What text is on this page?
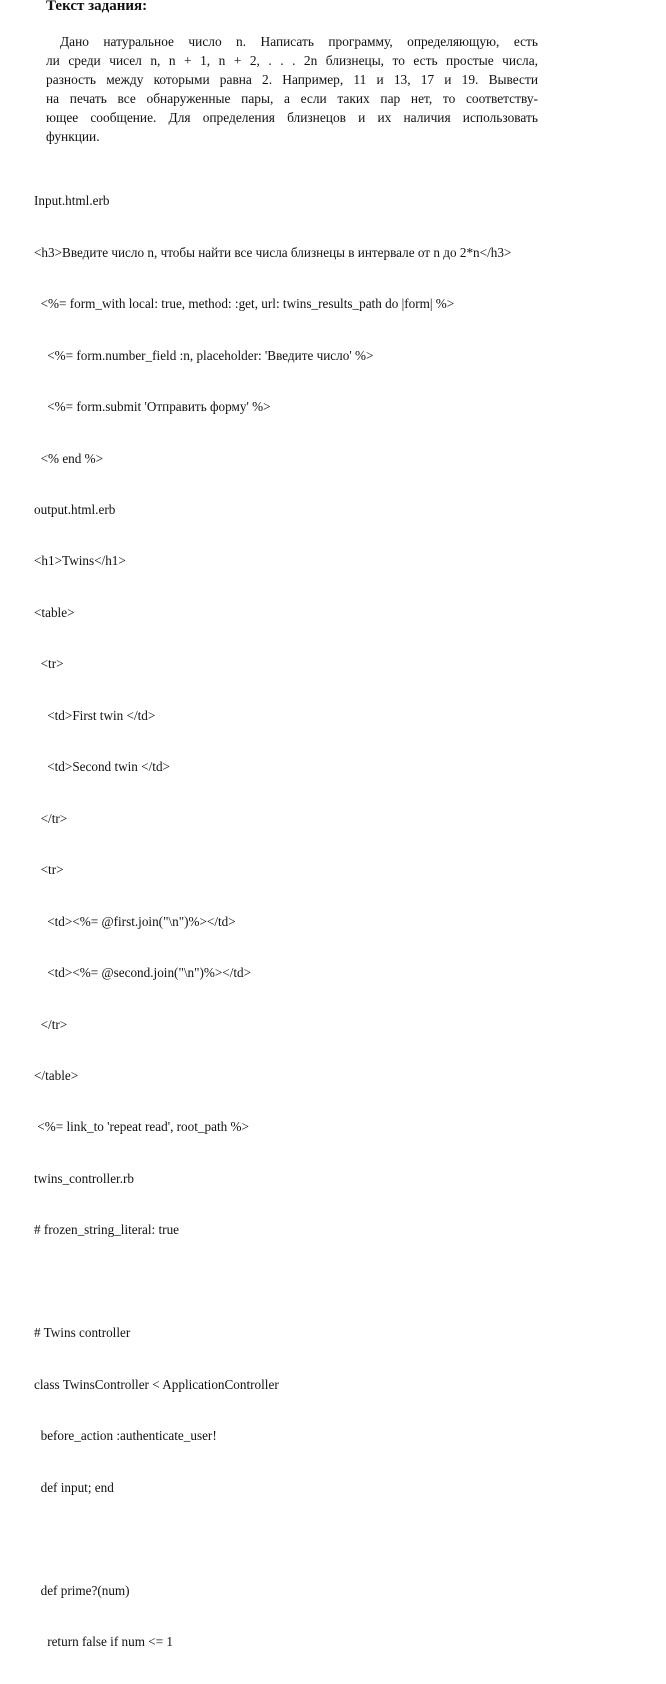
Текст задания:
Дано натуральное число n. Написать программу, определяющую, есть
ли среди чисел n, n + 1, n + 2, . . . 2n близнецы, то есть простые числа,
разность между которыми равна 2. Например, 11 и 13, 17 и 19. Вывести
на печать все обнаруженные пары, а если таких пар нет, то соответству-
ющее сообщение. Для определения близнецов и их наличия использовать
функции.

Input.html.erb

<h3>Введите число n, чтобы найти все числа близнецы в интервале от n до 2*n</h3>

<%= form_with local: true, method: :get, url: twins_results_path do |form| %>

<%= form.number_field :n, placeholder: 'Введите число' %>

<%= form.submit 'Отправить форму' %>

<% end %>

output.html.erb

<h1>Twins</h1>

<table>

<tr>

<td>First twin </td>

<td>Second twin </td>

</tr>

<tr>

<td><%= @first.join("\n")%></td>

<td><%= @second.join("\n")%></td>

</tr>

</table>

<%= link_to 'repeat read', root_path %>

twins_controller.rb

# frozen_string_literal: true

# Twins controller

class TwinsController < ApplicationController

before_action :authenticate_user!

def input; end

def prime?(num)

return false if num <= 1
